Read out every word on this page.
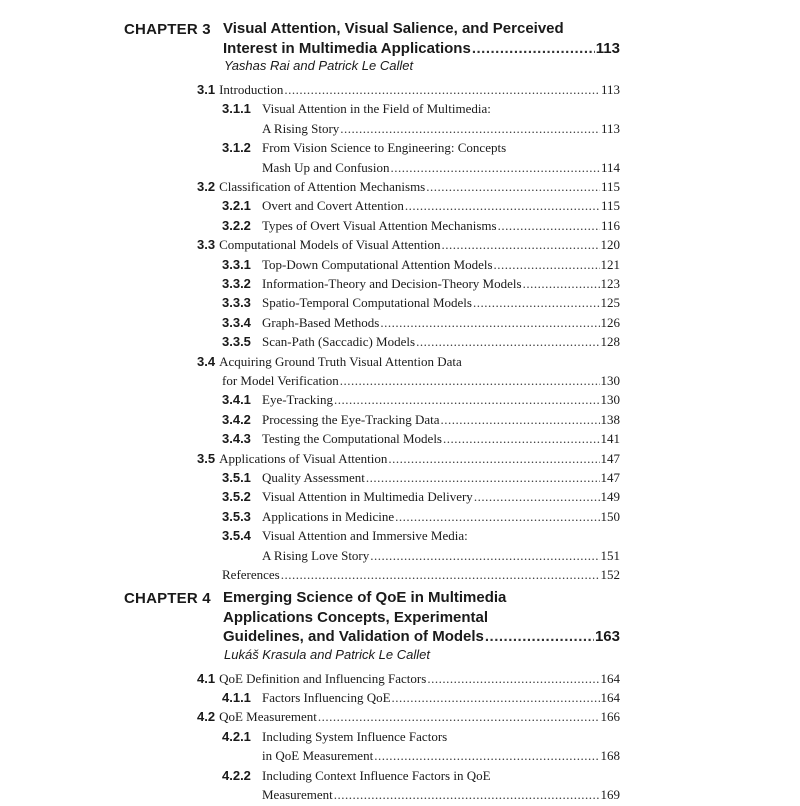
CHAPTER 3 Visual Attention, Visual Salience, and Perceived
Interest in Multimedia Applications .....	113
Yashas Rai and Patrick Le Callet
3.1 Introduction .....	113
3.1.1 Visual Attention in the Field of Multimedia:
A Rising Story .....	113
3.1.2 From Vision Science to Engineering: Concepts
Mash Up and Confusion .....	114
3.2 Classification of Attention Mechanisms .....	115
3.2.1 Overt and Covert Attention .....	115
3.2.2 Types of Overt Visual Attention Mechanisms .....	116
3.3 Computational Models of Visual Attention .....	120
3.3.1 Top-Down Computational Attention Models .....	121
3.3.2 Information-Theory and Decision-Theory Models .....	123
3.3.3 Spatio-Temporal Computational Models .....	125
3.3.4 Graph-Based Methods .....	126
3.3.5 Scan-Path (Saccadic) Models .....	128
3.4 Acquiring Ground Truth Visual Attention Data
for Model Verification .....	130
3.4.1 Eye-Tracking .....	130
3.4.2 Processing the Eye-Tracking Data .....	138
3.4.3 Testing the Computational Models .....	141
3.5 Applications of Visual Attention .....	147
3.5.1 Quality Assessment .....	147
3.5.2 Visual Attention in Multimedia Delivery .....	149
3.5.3 Applications in Medicine .....	150
3.5.4 Visual Attention and Immersive Media:
A Rising Love Story .....	151
References .....	152
CHAPTER 4 Emerging Science of QoE in Multimedia
Applications Concepts, Experimental
Guidelines, and Validation of Models .....	163
Lukáš Krasula and Patrick Le Callet
4.1 QoE Definition and Influencing Factors .....	164
4.1.1 Factors Influencing QoE .....	164
4.2 QoE Measurement .....	166
4.2.1 Including System Influence Factors
in QoE Measurement .....	168
4.2.2 Including Context Influence Factors in QoE
Measurement .....	169
